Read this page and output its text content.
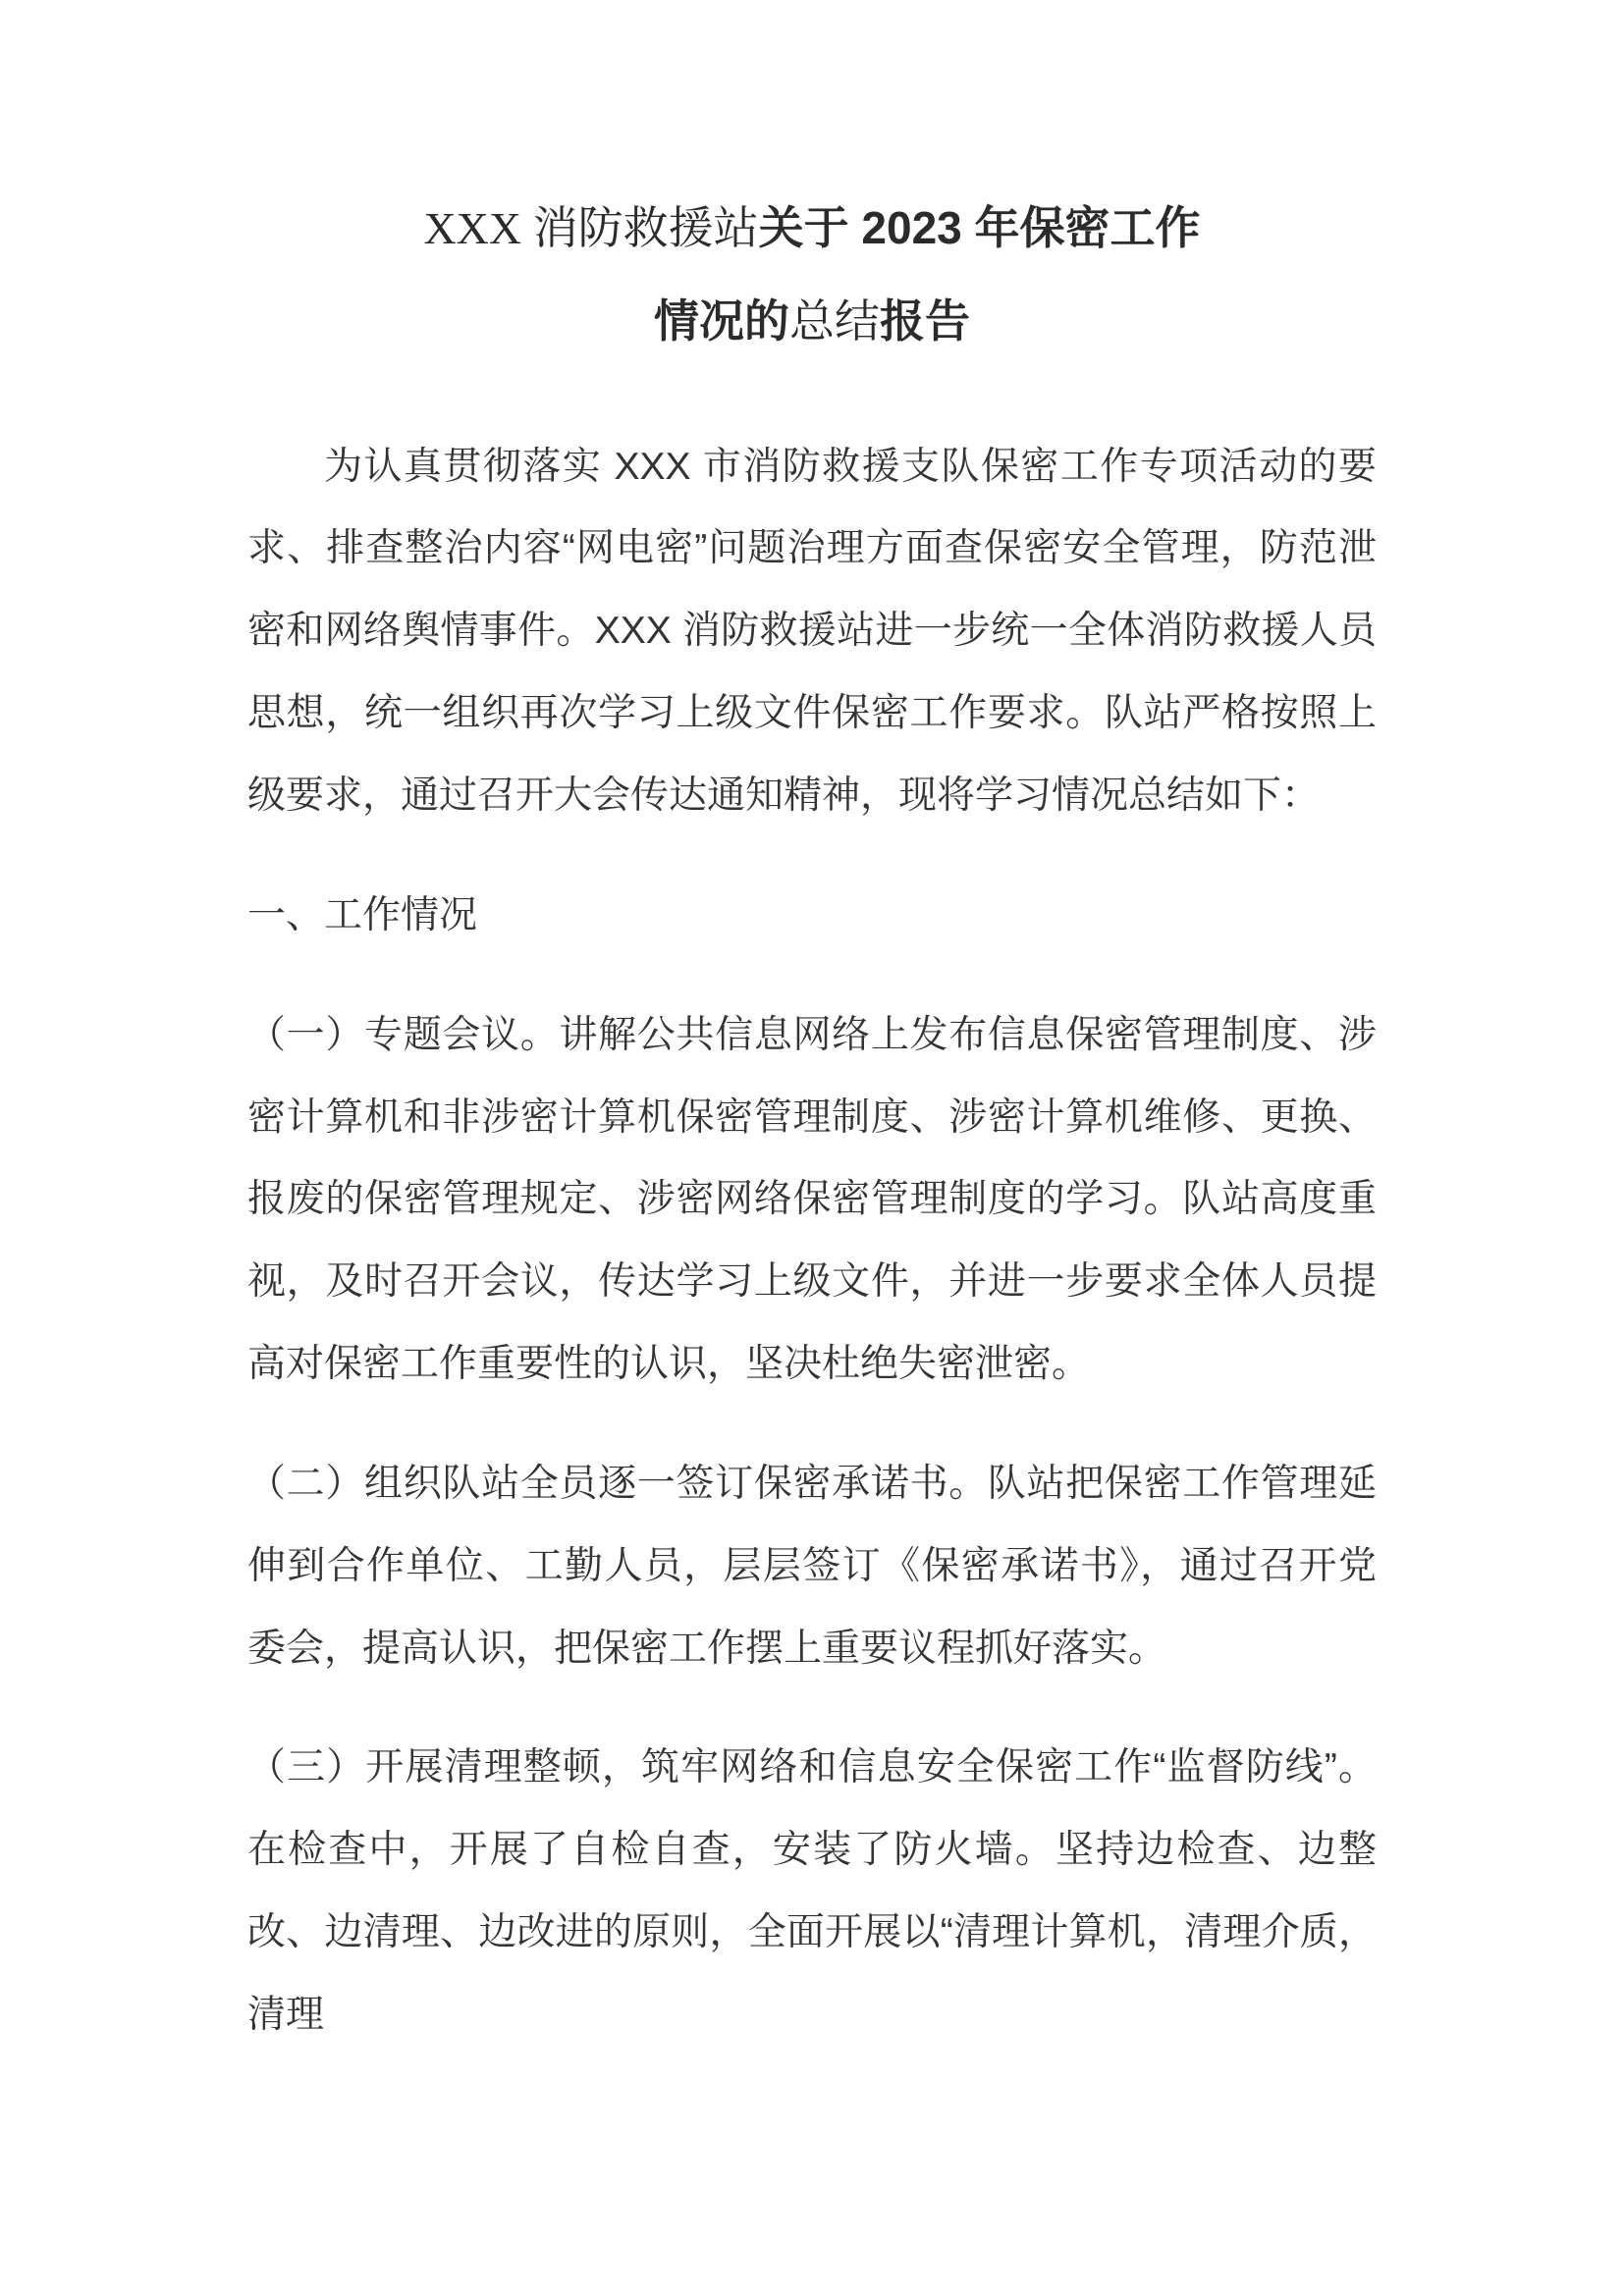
XXX 消防救援站关于 2023 年保密工作
情况的总结报告

为认真贯彻落实 XXX 市消防救援支队保密工作专项活动的要求、排查整治内容“网电密”问题治理方面查保密安全管理，防范泄密和网络舆情事件。XXX 消防救援站进一步统一全体消防救援人员思想，统一组织再次学习上级文件保密工作要求。队站严格按照上级要求，通过召开大会传达通知精神，现将学习情况总结如下：

一、工作情况

（一）专题会议。讲解公共信息网络上发布信息保密管理制度、涉密计算机和非涉密计算机保密管理制度、涉密计算机维修、更换、报废的保密管理规定、涉密网络保密管理制度的学习。队站高度重视，及时召开会议，传达学习上级文件，并进一步要求全体人员提高对保密工作重要性的认识，坚决杜绝失密泄密。

（二）组织队站全员逐一签订保密承诺书。队站把保密工作管理延伸到合作单位、工勤人员，层层签订《保密承诺书》，通过召开党委会，提高认识，把保密工作摆上重要议程抓好落实。

（三）开展清理整顿，筑牢网络和信息安全保密工作“监督防线”。在检查中，开展了自检自查，安装了防火墙。坚持边检查、边整改、边清理、边改进的原则，全面开展以“清理计算机，清理介质，清理
